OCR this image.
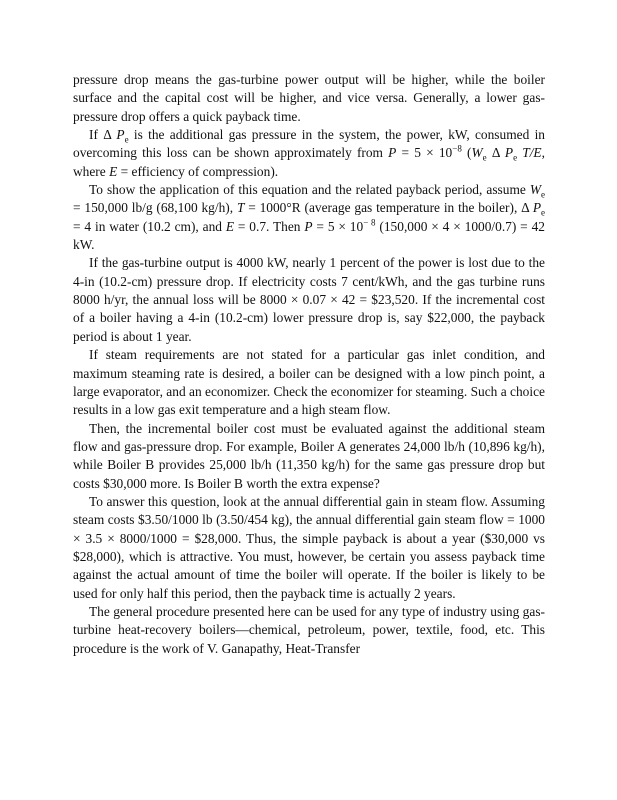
pressure drop means the gas-turbine power output will be higher, while the boiler surface and the capital cost will be higher, and vice versa. Generally, a lower gas-pressure drop offers a quick payback time.

If Δ $P_e$ is the additional gas pressure in the system, the power, kW, consumed in overcoming this loss can be shown approximately from $P = 5 \times 10^{-8}$ ($W_e$ Δ $P_e$ T/E, where E = efficiency of compression).

To show the application of this equation and the related payback period, assume $W_e = 150,000$ lb/g (68,100 kg/h), T = 1000°R (average gas temperature in the boiler), Δ $P_e = 4$ in water (10.2 cm), and E = 0.7. Then $P = 5 \times 10^{- 8}$ (150,000 × 4 × 1000/0.7) = 42 kW.

If the gas-turbine output is 4000 kW, nearly 1 percent of the power is lost due to the 4-in (10.2-cm) pressure drop. If electricity costs 7 cent/kWh, and the gas turbine runs 8000 h/yr, the annual loss will be 8000 × 0.07 × 42 = $23,520. If the incremental cost of a boiler having a 4-in (10.2-cm) lower pressure drop is, say $22,000, the payback period is about 1 year.

If steam requirements are not stated for a particular gas inlet condition, and maximum steaming rate is desired, a boiler can be designed with a low pinch point, a large evaporator, and an economizer. Check the economizer for steaming. Such a choice results in a low gas exit temperature and a high steam flow.

Then, the incremental boiler cost must be evaluated against the additional steam flow and gas-pressure drop. For example, Boiler A generates 24,000 lb/h (10,896 kg/h), while Boiler B provides 25,000 lb/h (11,350 kg/h) for the same gas pressure drop but costs $30,000 more. Is Boiler B worth the extra expense?

To answer this question, look at the annual differential gain in steam flow. Assuming steam costs $3.50/1000 lb (3.50/454 kg), the annual differential gain steam flow = 1000 × 3.5 × 8000/1000 = $28,000. Thus, the simple payback is about a year ($30,000 vs $28,000), which is attractive. You must, however, be certain you assess payback time against the actual amount of time the boiler will operate. If the boiler is likely to be used for only half this period, then the payback time is actually 2 years.

The general procedure presented here can be used for any type of industry using gas-turbine heat-recovery boilers—chemical, petroleum, power, textile, food, etc. This procedure is the work of V. Ganapathy, Heat-Transfer
